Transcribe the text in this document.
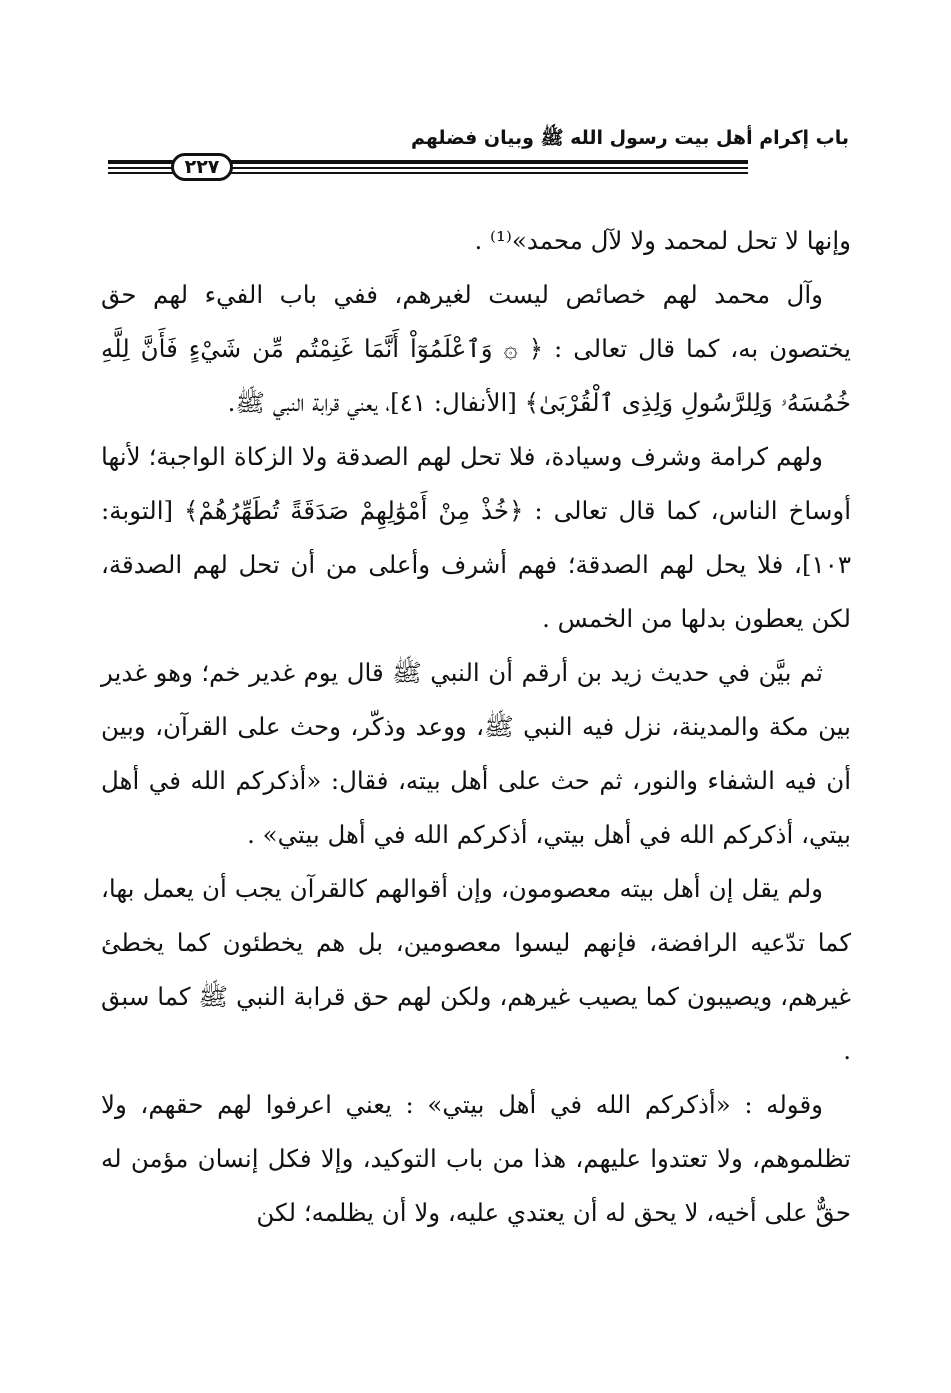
باب إكرام أهل بيت رسول الله ﷺ وبيان فضلهم
٢٢٧

وإنها لا تحل لمحمد ولا لآل محمد»⁽¹⁾ .

وآل محمد لهم خصائص ليست لغيرهم، ففي باب الفيء لهم حق يختصون به، كما قال تعالى : ﴿ ۞ وَٱعْلَمُوٓاْ أَنَّمَا غَنِمْتُم مِّن شَيْءٍ فَأَنَّ لِلَّهِ خُمُسَهُۥ وَلِلرَّسُولِ وَلِذِى ٱلْقُرْبَىٰ﴾ [الأنفال: ٤١]، يعني قرابة النبي ﷺ.

ولهم كرامة وشرف وسيادة، فلا تحل لهم الصدقة ولا الزكاة الواجبة؛ لأنها أوساخ الناس، كما قال تعالى : ﴿خُذْ مِنْ أَمْوَٰلِهِمْ صَدَقَةً تُطَهِّرُهُمْ﴾ [التوبة: ١٠٣]، فلا يحل لهم الصدقة؛ فهم أشرف وأعلى من أن تحل لهم الصدقة، لكن يعطون بدلها من الخمس .

ثم بيَّن في حديث زيد بن أرقم أن النبي ﷺ قال يوم غدير خم؛ وهو غدير بين مكة والمدينة، نزل فيه النبي ﷺ، ووعد وذكّر، وحث على القرآن، وبين أن فيه الشفاء والنور، ثم حث على أهل بيته، فقال: «أذكركم الله في أهل بيتي، أذكركم الله في أهل بيتي، أذكركم الله في أهل بيتي» .

ولم يقل إن أهل بيته معصومون، وإن أقوالهم كالقرآن يجب أن يعمل بها، كما تدّعيه الرافضة، فإنهم ليسوا معصومين، بل هم يخطئون كما يخطئ غيرهم، ويصيبون كما يصيب غيرهم، ولكن لهم حق قرابة النبي ﷺ كما سبق .

وقوله : «أذكركم الله في أهل بيتي» : يعني اعرفوا لهم حقهم، ولا تظلموهم، ولا تعتدوا عليهم، هذا من باب التوكيد، وإلا فكل إنسان مؤمن له حقٌّ على أخيه، لا يحق له أن يعتدي عليه، ولا أن يظلمه؛ لكن
